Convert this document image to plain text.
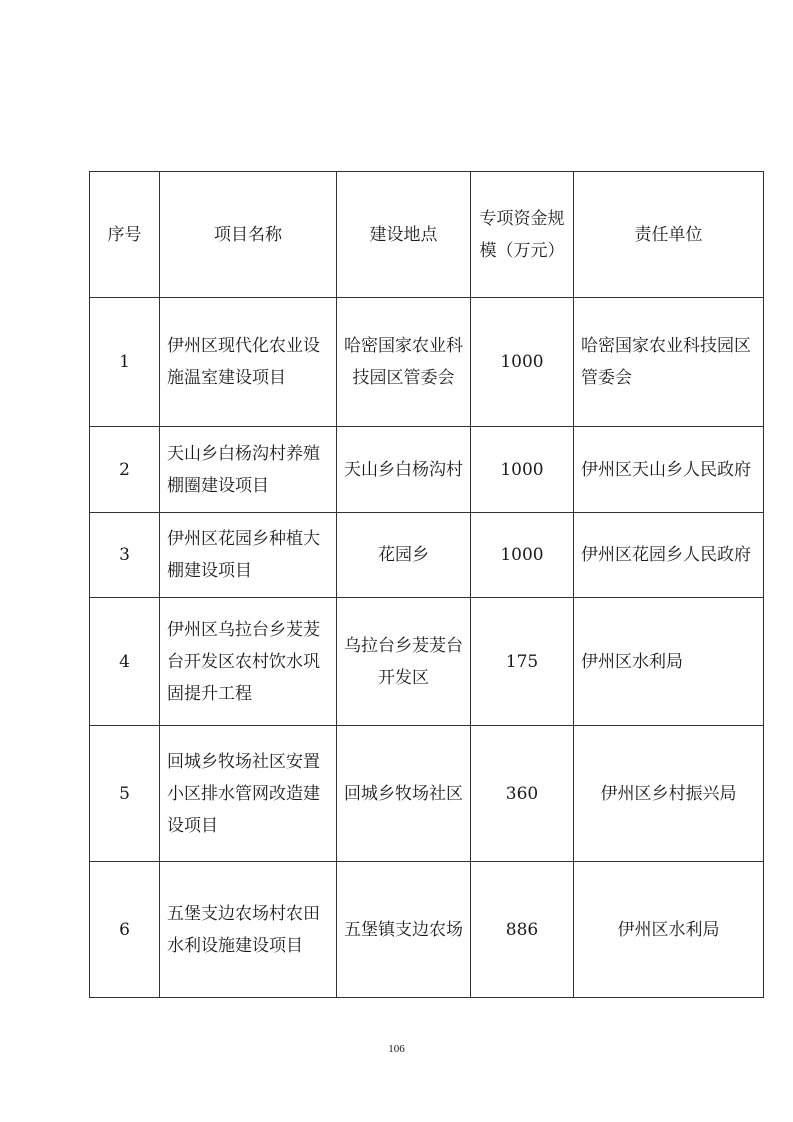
序号	项目名称	建设地点	专项资金规模（万元）	责任单位
1	伊州区现代化农业设施温室建设项目	哈密国家农业科技园区管委会	1000	哈密国家农业科技园区管委会
2	天山乡白杨沟村养殖棚圈建设项目	天山乡白杨沟村	1000	伊州区天山乡人民政府
3	伊州区花园乡种植大棚建设项目	花园乡	1000	伊州区花园乡人民政府
4	伊州区乌拉台乡茇茇台开发区农村饮水巩固提升工程	乌拉台乡茇茇台开发区	175	伊州区水利局
5	回城乡牧场社区安置小区排水管网改造建设项目	回城乡牧场社区	360	伊州区乡村振兴局
6	五堡支边农场村农田水利设施建设项目	五堡镇支边农场	886	伊州区水利局
106
